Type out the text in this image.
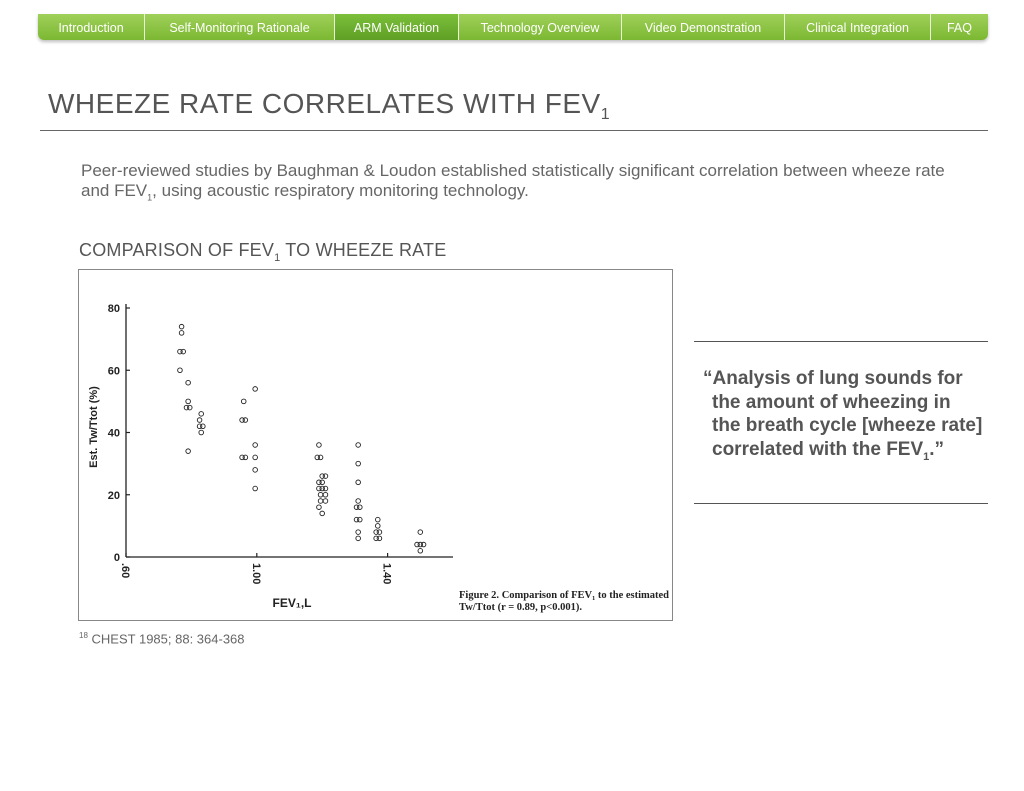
Introduction	Self-Monitoring Rationale	ARM Validation	Technology Overview	Video Demonstration	Clinical Integration	FAQ
WHEEZE RATE CORRELATES WITH $FEV_1$

Peer-reviewed studies by Baughman & Loudon established statistically significant correlation between wheeze rate and $FEV_1$, using acoustic respiratory monitoring technology.

COMPARISON OF $FEV_1$ TO WHEEZE RATE
0
20
40
60
80
.60	1.00	1.40
Est. Tw/Ttot (%)
FEV₁,L
Figure 2. Comparison of FEV₁ to the estimated
Tw/Ttot (r = 0.89, p<0.001).
$^{18}$ CHEST 1985; 88: 364-368
“Analysis of lung sounds for the amount of wheezing in the breath cycle [wheeze rate] correlated with the $FEV_1$.”
